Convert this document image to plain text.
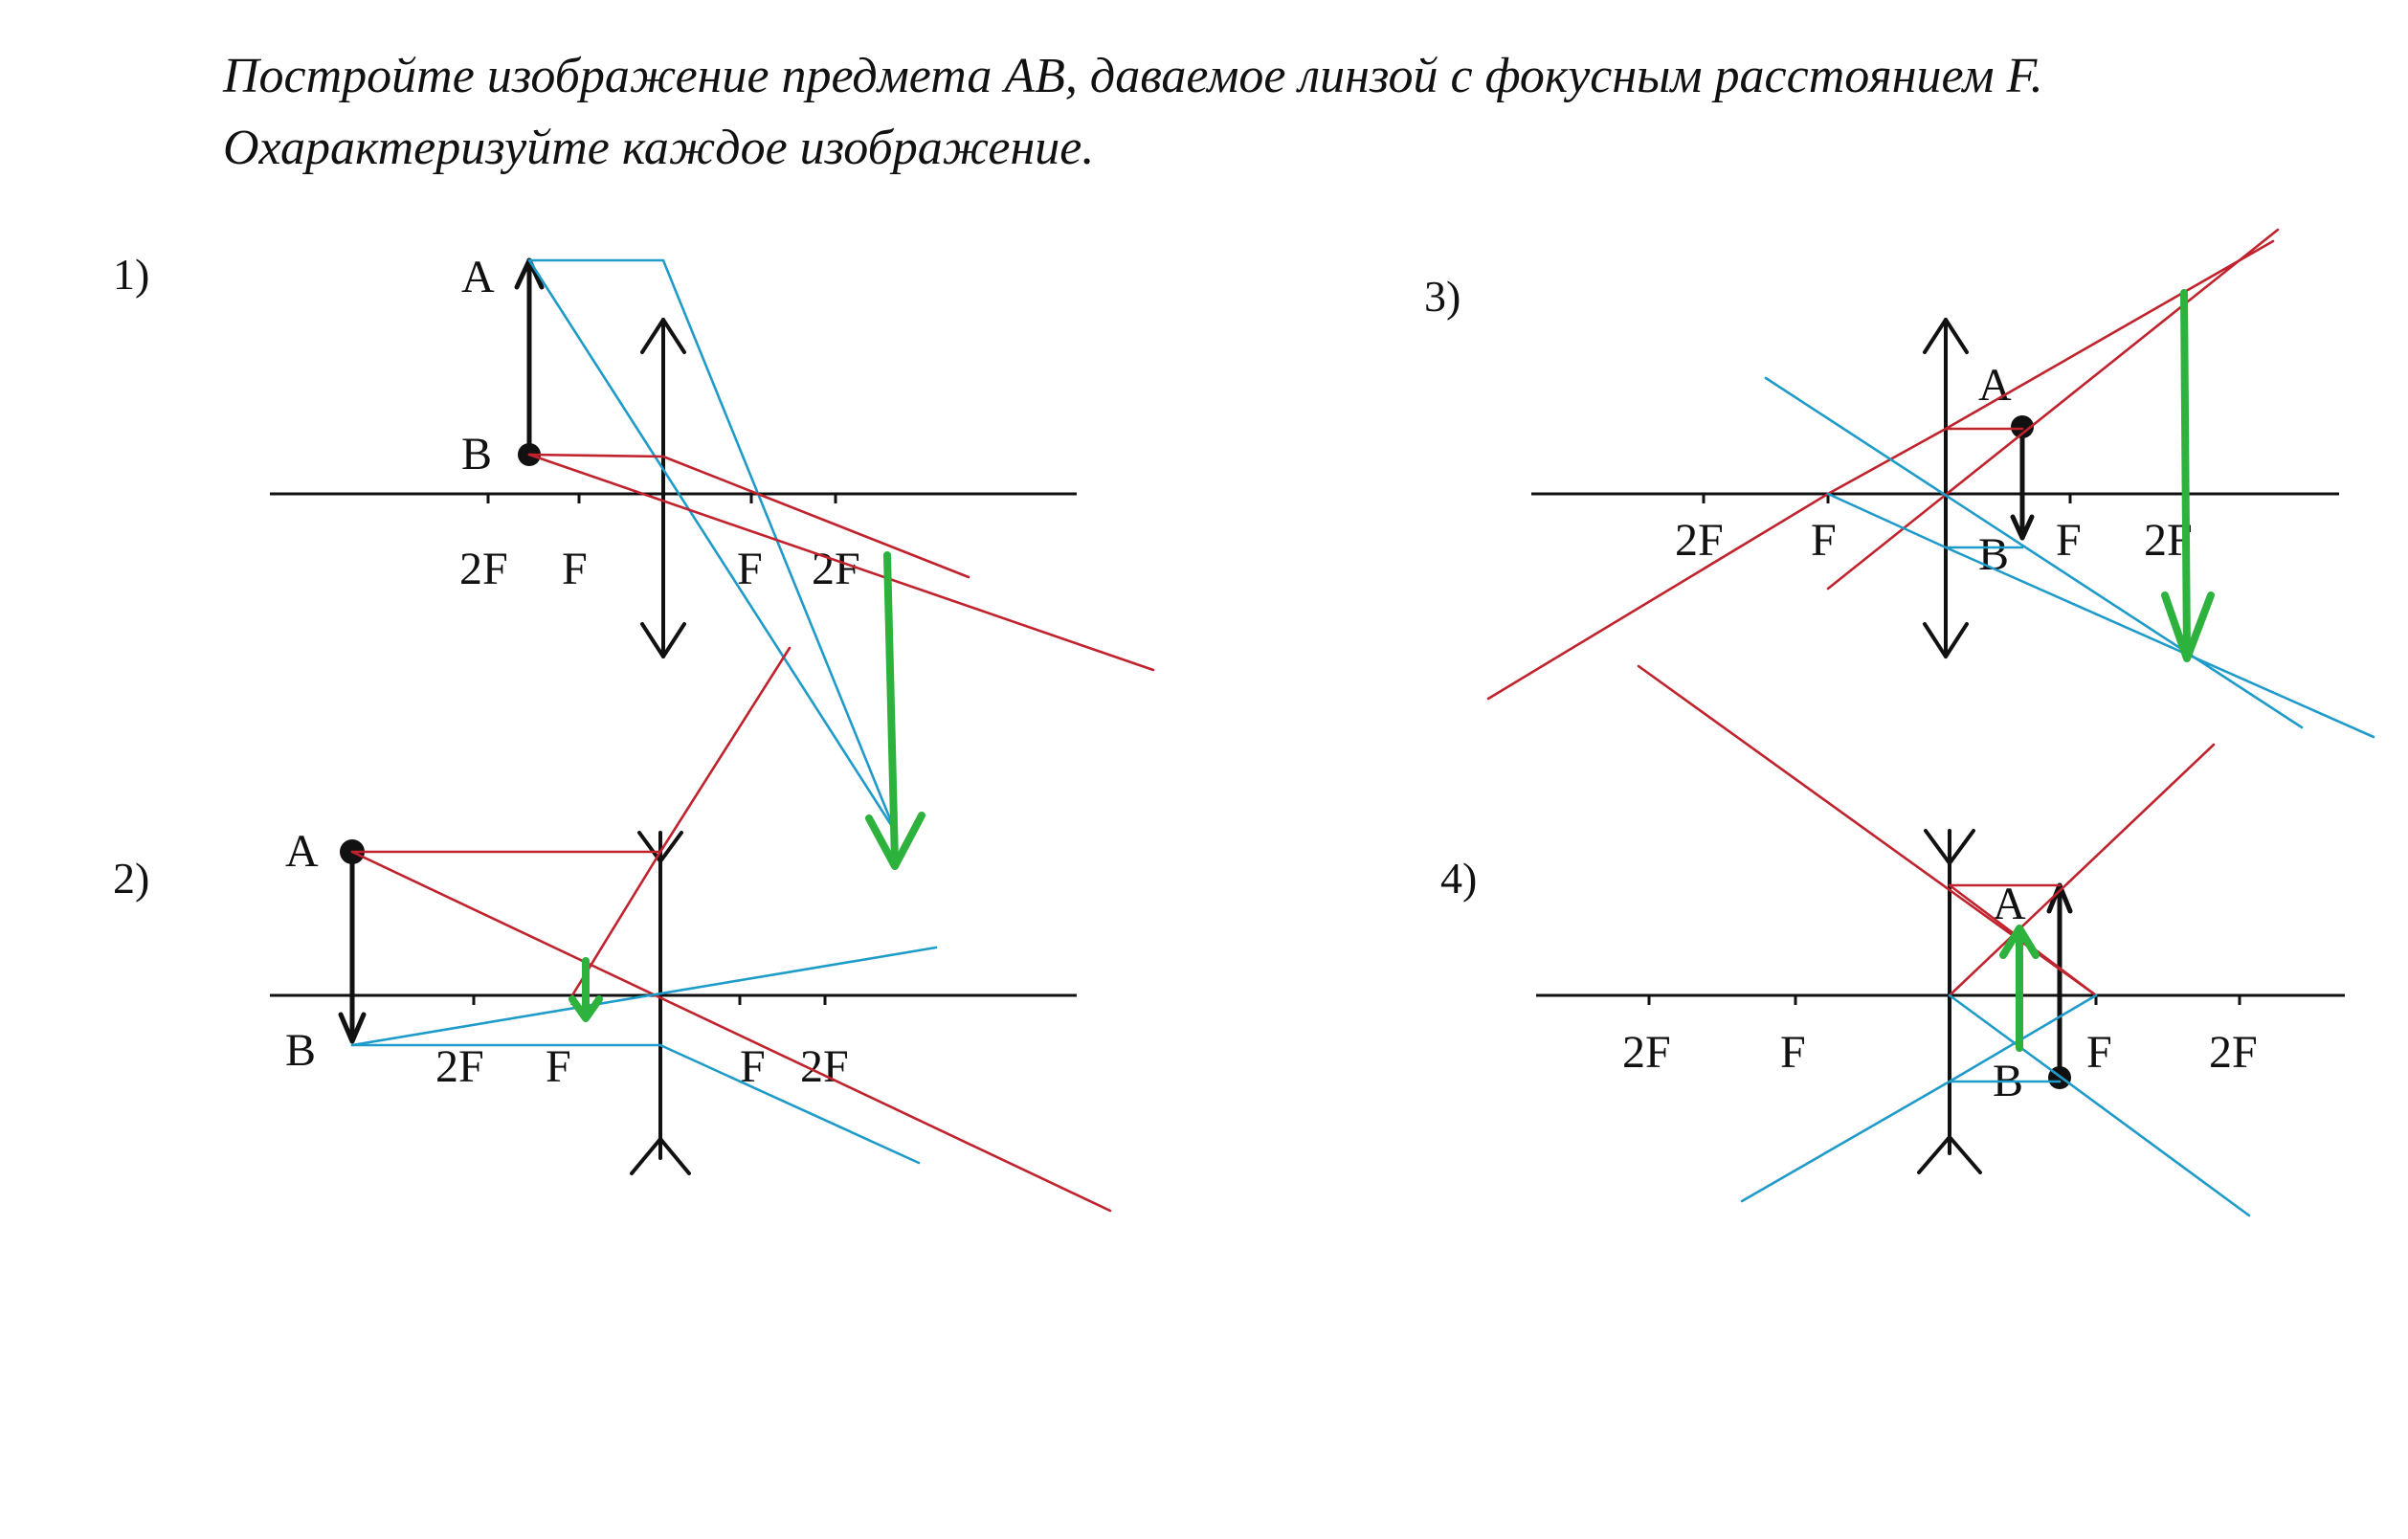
Постройте изображение предмета AB, даваемое линзой с фокусным расстоянием F.
Охарактеризуйте каждое изображение.
1)
2F F	F 2F
A
B
2)
2F F	F 2F
A
B
3)
2F F	F 2F
A
B
4)
2F F	F 2F
A
B
